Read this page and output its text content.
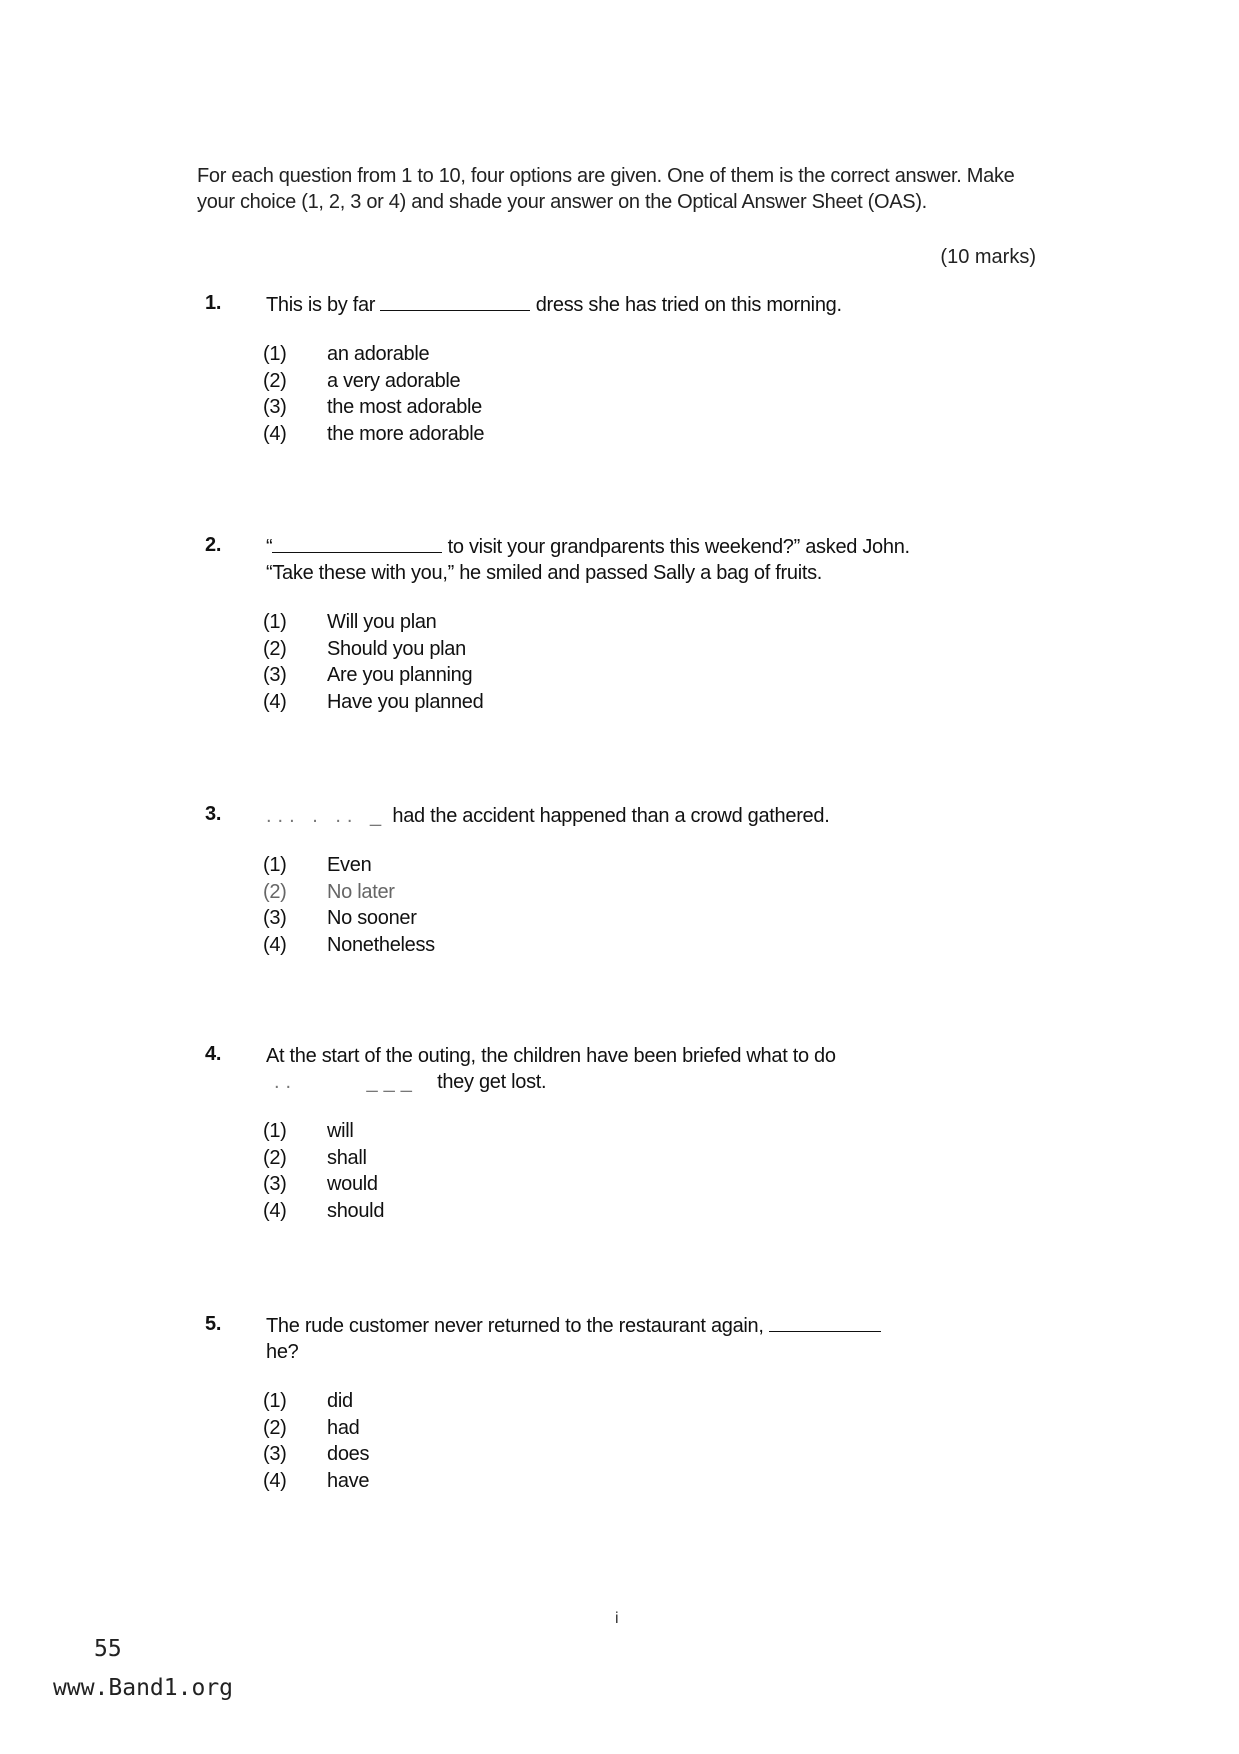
For each question from 1 to 10, four options are given. One of them is the correct answer. Make your choice (1, 2, 3 or 4) and shade your answer on the Optical Answer Sheet (OAS).
(10 marks)
1.	This is by far	dress she has tried on this morning.
(1)	an adorable
(2)	a very adorable
(3)	the most adorable
(4)	the more adorable
2.	“	to visit your grandparents this weekend?” asked John.
“Take these with you,” he smiled and passed Sally a bag of fruits.
(1)	Will you plan
(2)	Should you plan
(3)	Are you planning
(4)	Have you planned
3.	... . .. _ had the accident happened than a crowd gathered.
(1)	Even
(2)	No later
(3)	No sooner
(4)	Nonetheless
4.	At the start of the outing, the children have been briefed what to do
..      ___ they get lost.
(1)	will
(2)	shall
(3)	would
(4)	should
5.	The rude customer never returned to the restaurant again,
he?
(1)	did
(2)	had
(3)	does
(4)	have
i
55
www.Band1.org
